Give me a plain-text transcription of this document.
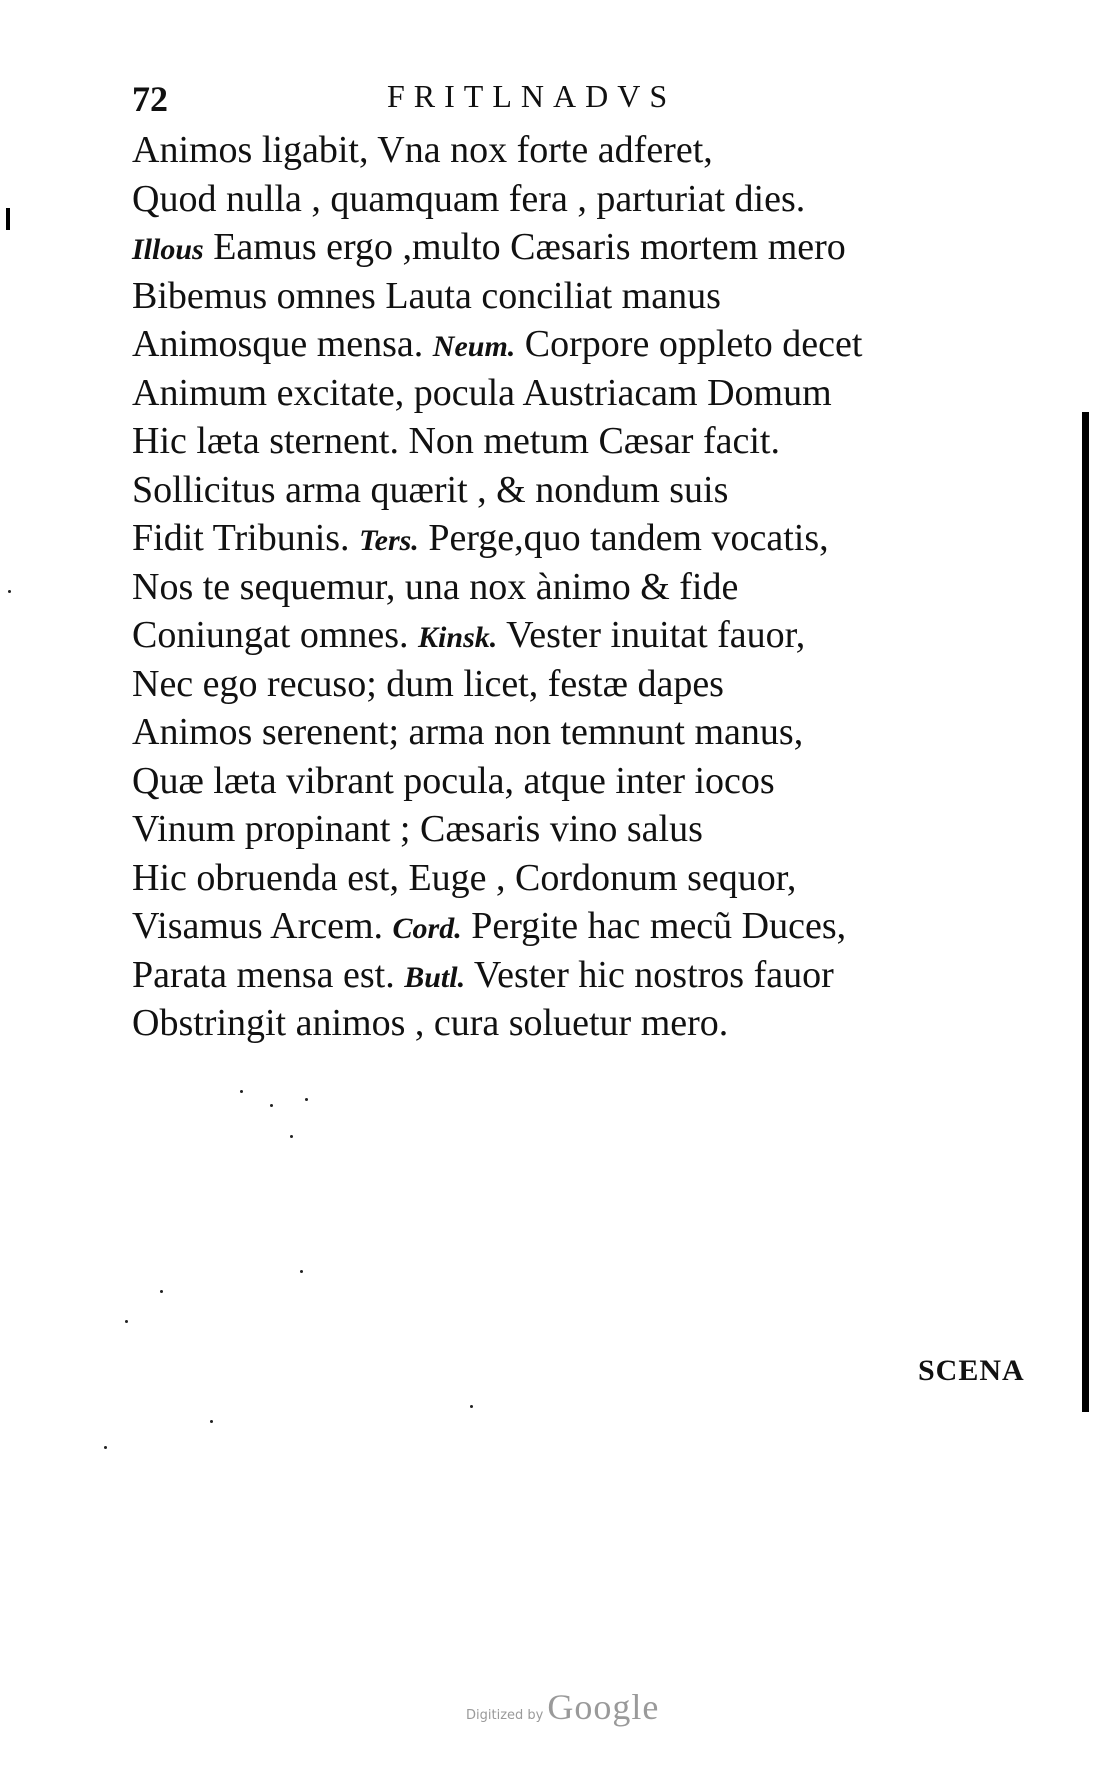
72	FRITLNADVS
Animos ligabit, Vna nox forte adferet,
Quod nulla , quamquam fera , parturiat dies.
Illous Eamus ergo ,multo Cæsaris mortem mero
Bibemus omnes Lauta conciliat manus
Animosque mensa. Neum. Corpore oppleto decet
Animum excitate, pocula Austriacam Domum
Hic læta sternent. Non metum Cæsar facit.
Sollicitus arma quærit , & nondum suis
Fidit Tribunis. Ters. Perge,quo tandem vocatis,
Nos te sequemur, una nox ànimo & fide
Coniungat omnes. Kinsk. Vester inuitat fauor,
Nec ego recuso; dum licet, festæ dapes
Animos serenent; arma non temnunt manus,
Quæ læta vibrant pocula, atque inter iocos
Vinum propinant ; Cæsaris vino salus
Hic obruenda est, Euge , Cordonum sequor,
Visamus Arcem. Cord. Pergite hac mecũ Duces,
Parata mensa est. Butl. Vester hic nostros fauor
Obstringit animos , cura soluetur mero.
SCENA
Digitized by Google
